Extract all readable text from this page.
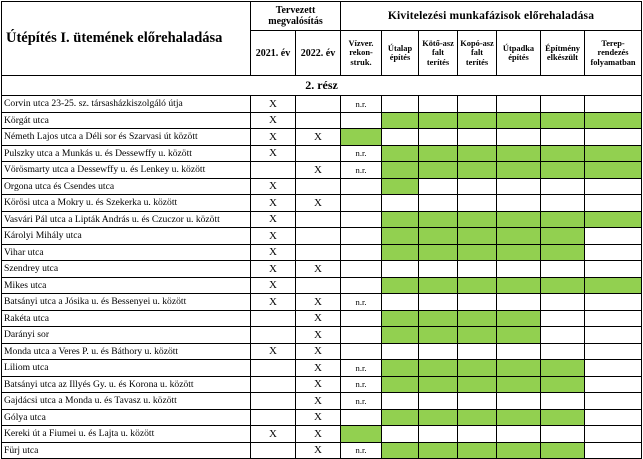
Útépítés I. ütemének előrehaladása	Tervezett megvalósítás		Kivitelezési munkafázisok előrehaladása						
	2021. év	2022. év	Vízver. rekon-struk.	Útalap építés	Kötő-asz falt terítés	Kopó-asz falt terítés	Útpadka építés	Építmény elkészült	Terep-rendezés folyamatban
2. rész									
Corvin utca 23-25. sz. társasházkiszolgáló útja	X		n.r.						
Körgát utca	X								
Németh Lajos utca a Déli sor és Szarvasi út között	X	X							
Pulszky utca a Munkás u. és Dessewffy u. között	X		n.r.						
Vörösmarty utca a Dessewffy u. és Lenkey u. között		X	n.r.						
Orgona utca és Csendes utca	X								
Körösi utca a Mokry u. és Szekerka u. között	X	X							
Vasvári Pál utca a Lipták András u. és Czuczor u. között	X								
Károlyi Mihály utca	X								
Vihar utca	X								
Szendrey utca	X	X							
Mikes utca	X								
Batsányi utca a Jósika u. és Bessenyei u. között	X	X	n.r.						
Rakéta utca		X							
Darányi sor		X							
Monda utca a Veres P. u. és Báthory u. között	X	X							
Liliom utca		X	n.r.						
Batsányi utca az Illyés Gy. u. és Korona u. között		X	n.r.						
Gajdácsi utca a Monda u. és Tavasz u. között		X	n.r.						
Gólya utca		X							
Kereki út a Fiumei u. és Lajta u. között	X	X							
Fürj utca		X	n.r.						
